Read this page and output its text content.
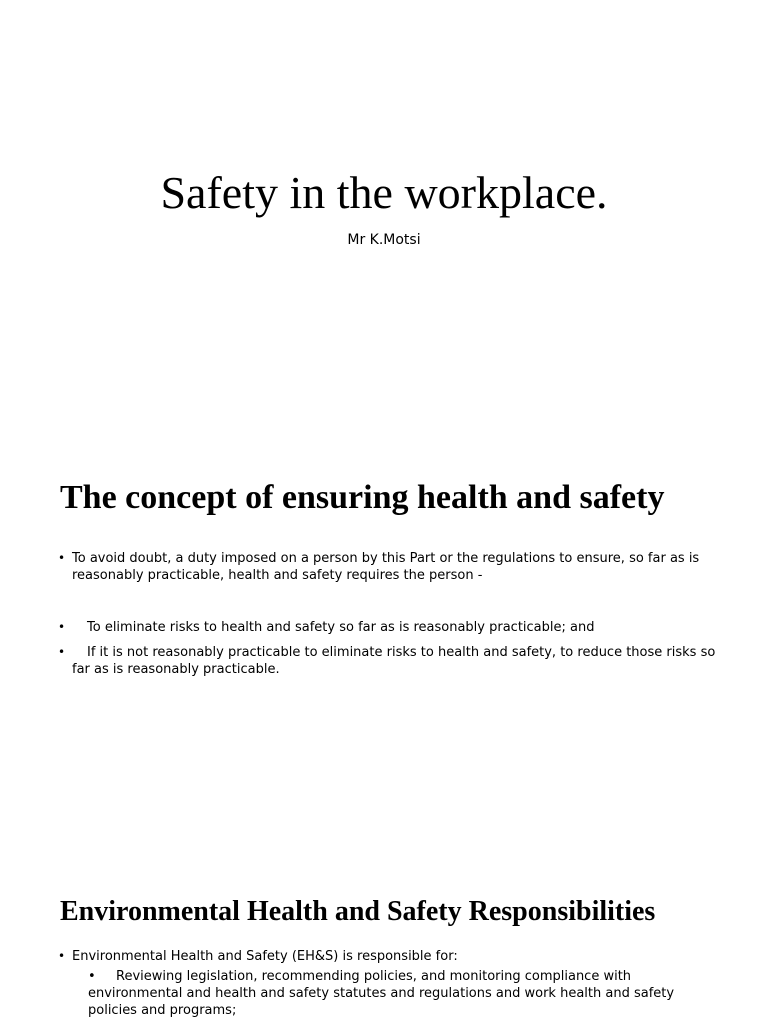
Safety in the workplace.
Mr K.Motsi
The concept of ensuring health and safety
• To avoid doubt, a duty imposed on a person by this Part or the regulations to ensure, so far as is reasonably practicable, health and safety requires the person -
•	To eliminate risks to health and safety so far as is reasonably practicable; and
•	If it is not reasonably practicable to eliminate risks to health and safety, to reduce those risks so far as is reasonably practicable.
Environmental Health and Safety Responsibilities
• Environmental Health and Safety (EH&S) is responsible for:
•	Reviewing legislation, recommending policies, and monitoring compliance with environmental and health and safety statutes and regulations and work health and safety policies and programs;
